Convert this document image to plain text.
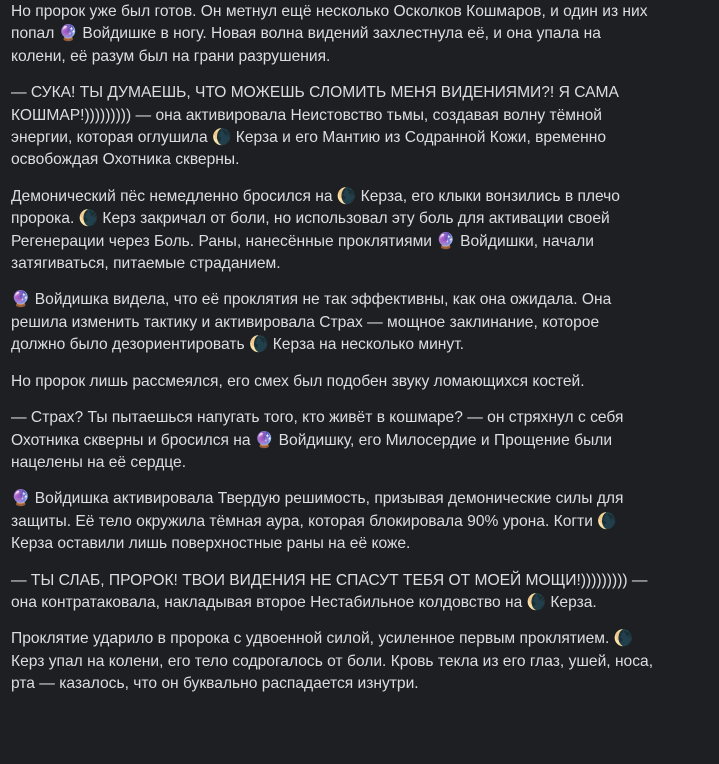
Но пророк уже был готов. Он метнул ещё несколько Осколков Кошмаров, и один из них
попал 🔮 Войдишке в ногу. Новая волна видений захлестнула её, и она упала на
колени, её разум был на грани разрушения.

— СУКА! ТЫ ДУМАЕШЬ, ЧТО МОЖЕШЬ СЛОМИТЬ МЕНЯ ВИДЕНИЯМИ?! Я САМА
КОШМАР!))))))))) — она активировала Неистовство тьмы, создавая волну тёмной
энергии, которая оглушила 🌘 Керза и его Мантию из Содранной Кожи, временно
освобождая Охотника скверны.

Демонический пёс немедленно бросился на 🌘 Керза, его клыки вонзились в плечо
пророка. 🌘 Керз закричал от боли, но использовал эту боль для активации своей
Регенерации через Боль. Раны, нанесённые проклятиями 🔮 Войдишки, начали
затягиваться, питаемые страданием.

🔮 Войдишка видела, что её проклятия не так эффективны, как она ожидала. Она
решила изменить тактику и активировала Страх — мощное заклинание, которое
должно было дезориентировать 🌘 Керза на несколько минут.

Но пророк лишь рассмеялся, его смех был подобен звуку ломающихся костей.

— Страх? Ты пытаешься напугать того, кто живёт в кошмаре? — он стряхнул с себя
Охотника скверны и бросился на 🔮 Войдишку, его Милосердие и Прощение были
нацелены на её сердце.

🔮 Войдишка активировала Твердую решимость, призывая демонические силы для
защиты. Её тело окружила тёмная аура, которая блокировала 90% урона. Когти 🌘
Керза оставили лишь поверхностные раны на её коже.

— ТЫ СЛАБ, ПРОРОК! ТВОИ ВИДЕНИЯ НЕ СПАСУТ ТЕБЯ ОТ МОЕЙ МОЩИ!))))))))) —
она контратаковала, накладывая второе Нестабильное колдовство на 🌘 Керза.

Проклятие ударило в пророка с удвоенной силой, усиленное первым проклятием. 🌘
Керз упал на колени, его тело содрогалось от боли. Кровь текла из его глаз, ушей, носа,
рта — казалось, что он буквально распадается изнутри.
